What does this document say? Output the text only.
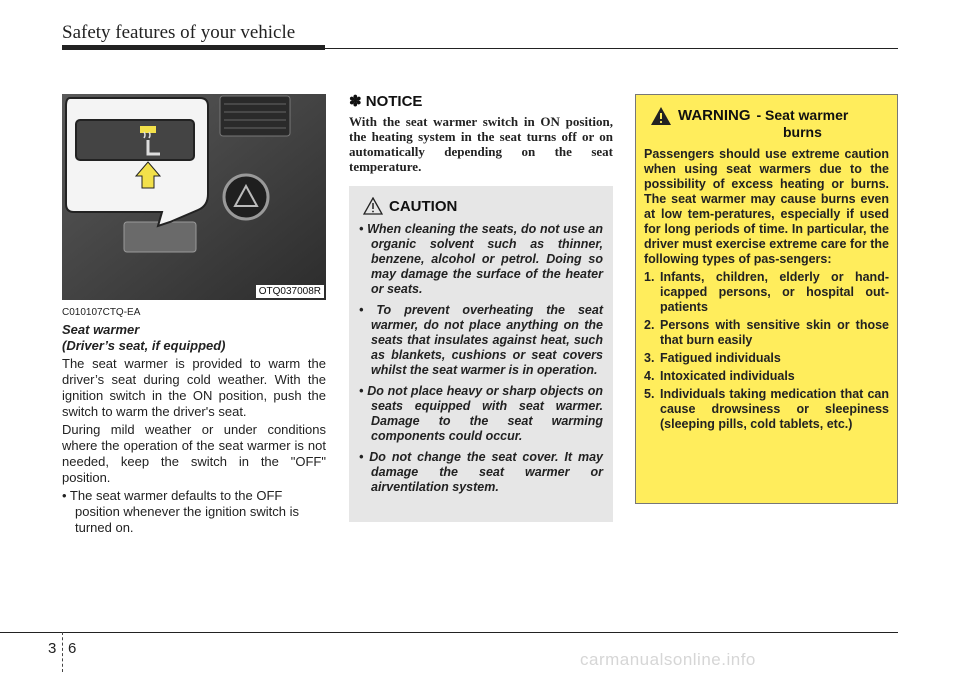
Safety features of your vehicle
OTQ037008R
C010107CTQ-EA
Seat warmer
(Driver’s seat, if equipped)

The seat warmer is provided to warm the driver’s seat during cold weather. With the ignition switch in the ON position, push the switch to warm the driver's seat.

During mild weather or under conditions where the operation of the seat warmer is not needed, keep the switch in the "OFF" position.

• The seat warmer defaults to the OFF position whenever the ignition switch is turned on.

✽ NOTICE

With the seat warmer switch in ON position, the heating system in the seat turns off or on automatically depending on the seat temperature.

CAUTION
• When cleaning the seats, do not use an organic solvent such as thinner, benzene, alcohol or petrol. Doing so may damage the surface of the heater or seats.
• To prevent overheating the seat warmer, do not place anything on the seats that insulates against heat, such as blankets, cushions or seat covers whilst the seat warmer is in operation.
• Do not place heavy or sharp objects on seats equipped with seat warmer. Damage to the seat warming components could occur.
• Do not change the seat cover. It may damage the seat warmer or airventilation system.
WARNING - Seat warmer
burns

Passengers should use extreme caution when using seat warmers due to the possibility of excess heating or burns. The seat warmer may cause burns even at low tem-peratures, especially if used for long periods of time. In particular, the driver must exercise extreme care for the following types of pas-sengers:

1. Infants, children, elderly or hand-icapped persons, or hospital out-patients
2. Persons with sensitive skin or those that burn easily
3. Fatigued individuals
4. Intoxicated individuals
5. Individuals taking medication that can cause drowsiness or sleepiness (sleeping pills, cold tablets, etc.)
3 6
carmanualsonline.info
